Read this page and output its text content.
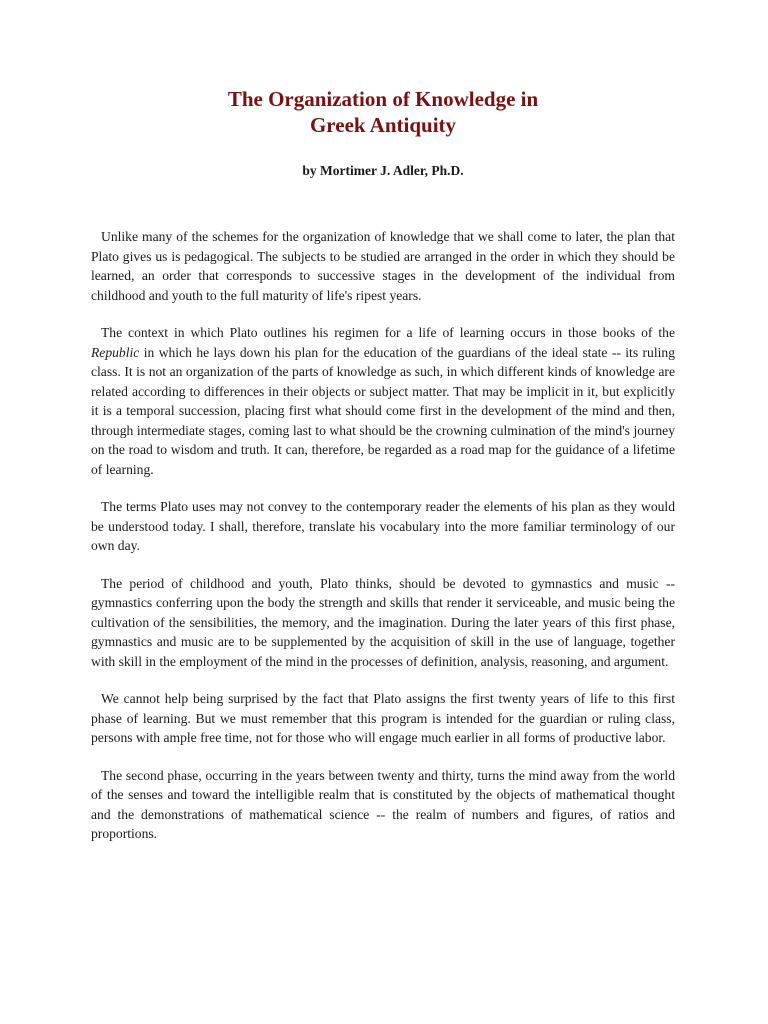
The Organization of Knowledge in
Greek Antiquity

by Mortimer J. Adler, Ph.D.

Unlike many of the schemes for the organization of knowledge that we shall come to later, the plan that Plato gives us is pedagogical. The subjects to be studied are arranged in the order in which they should be learned, an order that corresponds to successive stages in the development of the individual from childhood and youth to the full maturity of life's ripest years.

The context in which Plato outlines his regimen for a life of learning occurs in those books of the Republic in which he lays down his plan for the education of the guardians of the ideal state -- its ruling class. It is not an organization of the parts of knowledge as such, in which different kinds of knowledge are related according to differences in their objects or subject matter. That may be implicit in it, but explicitly it is a temporal succession, placing first what should come first in the development of the mind and then, through intermediate stages, coming last to what should be the crowning culmination of the mind's journey on the road to wisdom and truth. It can, therefore, be regarded as a road map for the guidance of a lifetime of learning.

The terms Plato uses may not convey to the contemporary reader the elements of his plan as they would be understood today. I shall, therefore, translate his vocabulary into the more familiar terminology of our own day.

The period of childhood and youth, Plato thinks, should be devoted to gymnastics and music -- gymnastics conferring upon the body the strength and skills that render it serviceable, and music being the cultivation of the sensibilities, the memory, and the imagination. During the later years of this first phase, gymnastics and music are to be supplemented by the acquisition of skill in the use of language, together with skill in the employment of the mind in the processes of definition, analysis, reasoning, and argument.

We cannot help being surprised by the fact that Plato assigns the first twenty years of life to this first phase of learning. But we must remember that this program is intended for the guardian or ruling class, persons with ample free time, not for those who will engage much earlier in all forms of productive labor.

The second phase, occurring in the years between twenty and thirty, turns the mind away from the world of the senses and toward the intelligible realm that is constituted by the objects of mathematical thought and the demonstrations of mathematical science -- the realm of numbers and figures, of ratios and proportions.
